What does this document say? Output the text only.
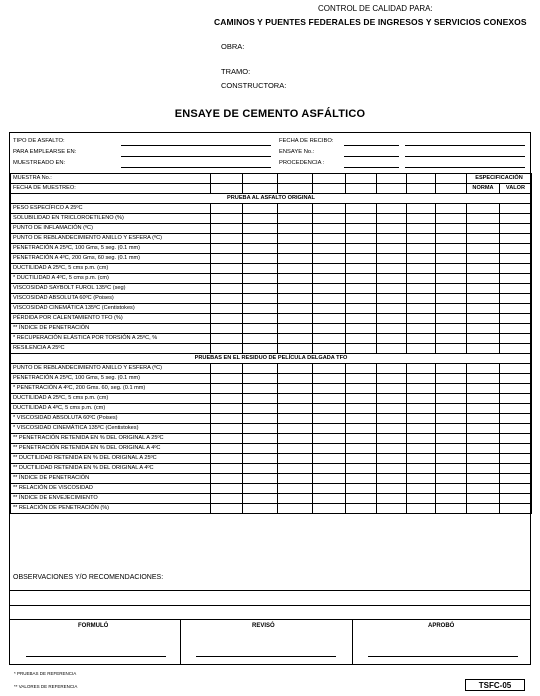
CONTROL DE CALIDAD PARA:
CAMINOS Y PUENTES FEDERALES DE INGRESOS Y SERVICIOS CONEXOS
OBRA:
TRAMO:
CONSTRUCTORA:
ENSAYE DE CEMENTO ASFÁLTICO
TIPO DE ASFALTO:
PARA EMPLEARSE EN:
MUESTREADO EN:
FECHA DE RECIBO:
ENSAYE No.:
PROCEDENCIA :
MUESTRA No.:									ESPECIFICACIÓN	
FECHA DE MUESTREO:									NORMA	VALOR
PRUEBA AL ASFALTO ORIGINAL										
PESO ESPECÍFICO A 25ºC										
SOLUBILIDAD EN TRICLOROETILENO (%)										
PUNTO DE INFLAMACIÓN (ºC)										
PUNTO DE REBLANDECIMIENTO ANILLO Y ESFERA (ºC)										
PENETRACIÓN A 25ºC, 100 Gms, 5 seg. (0.1 mm)										
PENETRACIÓN A 4ºC, 200 Gms, 60 seg. (0.1 mm)										
DUCTILIDAD A 25ºC, 5 cms p.m. (cm)										
* DUCTILIDAD A 4ºC, 5 cms p.m. (cm)										
VISCOSIDAD SAYBOLT FUROL 135ºC (seg)										
VISCOSIDAD ABSOLUTA 60ºC (Poises)										
VISCOSIDAD CINEMÁTICA 135ºC (Centistokes)										
PÉRDIDA POR CALENTAMIENTO TFO (%)										
** ÍNDICE DE PENETRACIÓN										
* RECUPERACIÓN ELÁSTICA POR TORSIÓN A 25ºC, %										
RESILENCIA A 25ºC										
PRUEBAS EN EL RESIDUO DE PELÍCULA DELGADA TFO										
PUNTO DE REBLANDECIMIENTO ANILLO Y ESFERA (ºC)										
PENETRACIÓN A 25ºC, 100 Gms, 5 seg. (0.1 mm)										
* PENETRACIÓN A 4ºC, 200 Gms. 60, seg. (0.1 mm)										
DUCTILIDAD A 25ºC, 5 cms p.m. (cm)										
DUCTILIDAD A 4ºC, 5 cms p.m. (cm)										
* VISCOSIDAD ABSOLUTA 60ºC (Poises)										
* VISCOSIDAD CINEMÁTICA 135ºC (Centistokes)										
** PENETRACIÓN RETENIDA EN % DEL ORIGINAL A 25ºC										
** PENETRACIÓN RETENIDA EN % DEL ORIGINAL A 4ºC										
** DUCTILIDAD RETENIDA EN % DEL ORIGINAL A 25ºC										
** DUCTILIDAD RETENIDA EN % DEL ORIGINAL A 4ºC										
** ÍNDICE DE PENETRACIÓN										
** RELACIÓN DE VISCOSIDAD										
** ÍNDICE DE ENVEJECIMIENTO										
** RELACIÓN DE PENETRACIÓN (%)										
OBSERVACIONES Y/O RECOMENDACIONES:
FORMULÓ	REVISÓ	APROBÓ
* PRUEBAS DE REFERENCIA
** VALORES DE REFERENCIA	TSFC-05
